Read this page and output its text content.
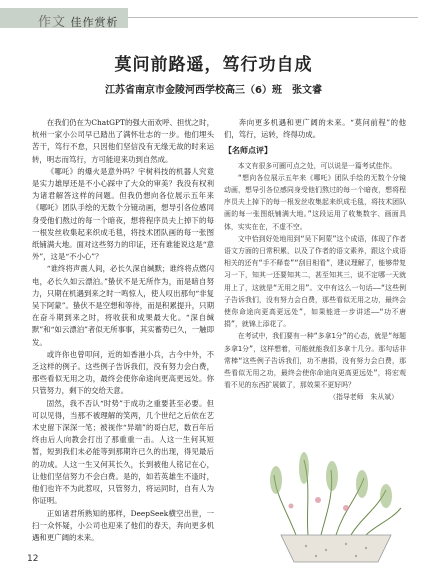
作文 佳作赏析
莫问前路遥，笃行功自成
江苏省南京市金陵河西学校高三（6）班　张文睿

在我们仍在为ChatGPT的强大而欢呼、担忧之时，杭州一家小公司早已踏出了满怀壮志的一步。他们埋头苦干，笃行不怠，只因他们坚信没有无缘无故的时来运转，明志而笃行，方可能迎来功到自然成。

《哪吒》的爆火是意外吗？宇树科技的机器人究竟是实力雄厚还是不小心踩中了大众的审美？我没有权利为诸君解答这样的问题。但我仍想向各位展示五年来《哪吒》团队手绘的无数个分镜动画，想导引各位感同身受他们熬过的每一个暗夜，想将程序员夫上掉下的每一根发丝收集起来织成毛毯，将技术团队画的每一张图纸铺满大地。面对这些努力的印证，还有谁能说这是“意外”，这是“不小心”？

“谁终将声震人间，必长久深自缄默；谁终将点燃闪电，必长久如云漂泊。”蛰伏不是无所作为，而是暗自努力，只期在机遇到来之时一鸣惊人，使人叹出那句“非复吴下阿蒙”。蛰伏不是空想和等待，而是积累提升，只期在奋斗期到来之时，将收获和成果最大化。“深自缄默”和“如云漂泊”者似无所事事，其实蓄势已久，一触即发。

或许你也曾叩问，近的如香港小兵，古今中外，不乏这样的例子。这些例子告诉我们，没有努力会白费，那些看似无用之功，最终会使你命途向更高更远处。你只管努力，剩下的交给天意。

固然，我不否认“时势”于成功之重要甚至必要。但可以见得，当那不被理解的笑两，几个世纪之后依在艺术史留下深深一笔；被视作“异端”的哥白尼，数百年后终由后人向教会打出了那重重一击。人这一生何其短暂，短到我们未必能等到那期许已久的出现，得见最后的功成。人这一生又何其长久，长到被他人铭记在心，让他们坚信努力不会白费。是的，如若英雄生不逢时，他们也许不为此惹叹，只管努力，将运同时，自有人为你证明。

正如诸君所熟知的那样，DeepSeek横空出世，一扫一众怀疑，小公司也迎来了他们的春天，奔向更多机遇和更广阔的未来。

奔向更多机遇和更广阔的未来。“莫问前程”的他们，笃行，运转，终得功成。

【名师点评】

本文有很多可圈可点之处，可以说是一篇考试佳作。

“想向各位展示五年来《哪吒》团队手绘的无数个分镜动画，想导引各位感同身受他们熬过的每一个暗夜，想将程序员夫上掉下的每一根发丝收集起来织成毛毯，将技术团队画的每一张图纸铺满大地。”这段运用了收集数字、画面具体，实实在在，不虚不空。

文中恰到好处地用到“吴下阿蒙”这个成语，体现了作者语文方面的日常积累，以及了作者的语文素养，跟这个成语相关的还有“手不释卷”“刮目相看”，建议理解了，能够带复习一下，知其一还要知其二，甚至知其三，说不定哪一天就用上了，这就是“无用之用”。文中有这么一句话——“这些例子告诉我们，没有努力会白费，那些看似无用之功，最终会使你命途向更高更远处”，如果能进一步讲述——“功不唐捐”，就锦上添花了。

在考试中，我们要有一种“多拿1分”的心态，就是“每题多拿1分”，这样想着，可能就能我们多拿十几分。那句话非常棒“这些例子告诉我们，功不唐捐，没有努力会白费，那些看似无用之功，最终会使你命途向更高更远处”，将宏观看不见的东西扩展做了，那效果不更好吗？

（指导老师　朱从斌）

12
